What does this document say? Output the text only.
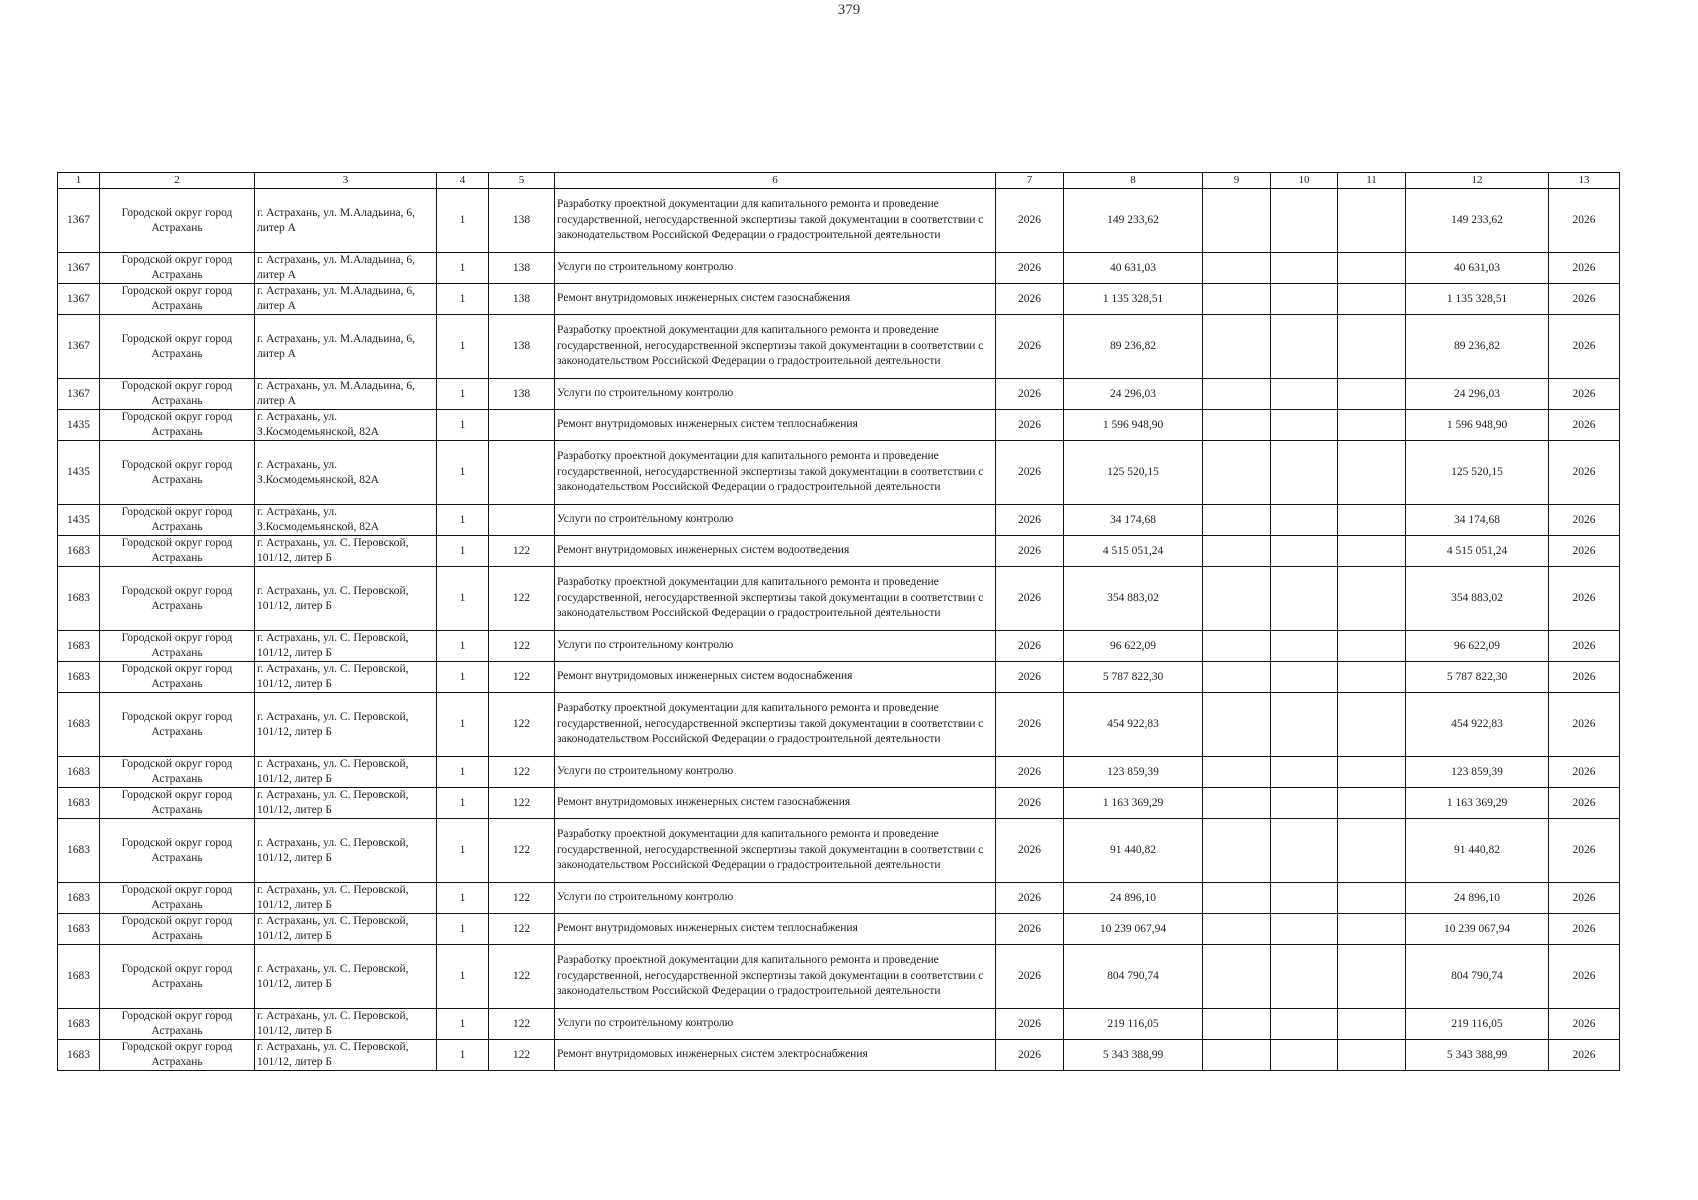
379
1	2	3	4	5	6	7	8	9	10	11	12	13
1367	Городской округ город Астрахань	г. Астрахань, ул. М.Аладьина, 6, литер А	1	138	Разработку проектной документации для капитального ремонта и проведение государственной, негосударственной экспертизы такой документации в соответствии с законодательством Российской Федерации о градостроительной деятельности	2026	149 233,62				149 233,62	2026
1367	Городской округ город Астрахань	г. Астрахань, ул. М.Аладьина, 6, литер А	1	138	Услуги по строительному контролю	2026	40 631,03				40 631,03	2026
1367	Городской округ город Астрахань	г. Астрахань, ул. М.Аладьина, 6, литер А	1	138	Ремонт внутридомовых инженерных систем газоснабжения	2026	1 135 328,51				1 135 328,51	2026
1367	Городской округ город Астрахань	г. Астрахань, ул. М.Аладьина, 6, литер А	1	138	Разработку проектной документации для капитального ремонта и проведение государственной, негосударственной экспертизы такой документации в соответствии с законодательством Российской Федерации о градостроительной деятельности	2026	89 236,82				89 236,82	2026
1367	Городской округ город Астрахань	г. Астрахань, ул. М.Аладьина, 6, литер А	1	138	Услуги по строительному контролю	2026	24 296,03				24 296,03	2026
1435	Городской округ город Астрахань	г. Астрахань, ул. З.Космодемьянской, 82А	1		Ремонт внутридомовых инженерных систем теплоснабжения	2026	1 596 948,90				1 596 948,90	2026
1435	Городской округ город Астрахань	г. Астрахань, ул. З.Космодемьянской, 82А	1		Разработку проектной документации для капитального ремонта и проведение государственной, негосударственной экспертизы такой документации в соответствии с законодательством Российской Федерации о градостроительной деятельности	2026	125 520,15				125 520,15	2026
1435	Городской округ город Астрахань	г. Астрахань, ул. З.Космодемьянской, 82А	1		Услуги по строительному контролю	2026	34 174,68				34 174,68	2026
1683	Городской округ город Астрахань	г. Астрахань, ул. С. Перовской, 101/12, литер Б	1	122	Ремонт внутридомовых инженерных систем водоотведения	2026	4 515 051,24				4 515 051,24	2026
1683	Городской округ город Астрахань	г. Астрахань, ул. С. Перовской, 101/12, литер Б	1	122	Разработку проектной документации для капитального ремонта и проведение государственной, негосударственной экспертизы такой документации в соответствии с законодательством Российской Федерации о градостроительной деятельности	2026	354 883,02				354 883,02	2026
1683	Городской округ город Астрахань	г. Астрахань, ул. С. Перовской, 101/12, литер Б	1	122	Услуги по строительному контролю	2026	96 622,09				96 622,09	2026
1683	Городской округ город Астрахань	г. Астрахань, ул. С. Перовской, 101/12, литер Б	1	122	Ремонт внутридомовых инженерных систем водоснабжения	2026	5 787 822,30				5 787 822,30	2026
1683	Городской округ город Астрахань	г. Астрахань, ул. С. Перовской, 101/12, литер Б	1	122	Разработку проектной документации для капитального ремонта и проведение государственной, негосударственной экспертизы такой документации в соответствии с законодательством Российской Федерации о градостроительной деятельности	2026	454 922,83				454 922,83	2026
1683	Городской округ город Астрахань	г. Астрахань, ул. С. Перовской, 101/12, литер Б	1	122	Услуги по строительному контролю	2026	123 859,39				123 859,39	2026
1683	Городской округ город Астрахань	г. Астрахань, ул. С. Перовской, 101/12, литер Б	1	122	Ремонт внутридомовых инженерных систем газоснабжения	2026	1 163 369,29				1 163 369,29	2026
1683	Городской округ город Астрахань	г. Астрахань, ул. С. Перовской, 101/12, литер Б	1	122	Разработку проектной документации для капитального ремонта и проведение государственной, негосударственной экспертизы такой документации в соответствии с законодательством Российской Федерации о градостроительной деятельности	2026	91 440,82				91 440,82	2026
1683	Городской округ город Астрахань	г. Астрахань, ул. С. Перовской, 101/12, литер Б	1	122	Услуги по строительному контролю	2026	24 896,10				24 896,10	2026
1683	Городской округ город Астрахань	г. Астрахань, ул. С. Перовской, 101/12, литер Б	1	122	Ремонт внутридомовых инженерных систем теплоснабжения	2026	10 239 067,94				10 239 067,94	2026
1683	Городской округ город Астрахань	г. Астрахань, ул. С. Перовской, 101/12, литер Б	1	122	Разработку проектной документации для капитального ремонта и проведение государственной, негосударственной экспертизы такой документации в соответствии с законодательством Российской Федерации о градостроительной деятельности	2026	804 790,74				804 790,74	2026
1683	Городской округ город Астрахань	г. Астрахань, ул. С. Перовской, 101/12, литер Б	1	122	Услуги по строительному контролю	2026	219 116,05				219 116,05	2026
1683	Городской округ город Астрахань	г. Астрахань, ул. С. Перовской, 101/12, литер Б	1	122	Ремонт внутридомовых инженерных систем электроснабжения	2026	5 343 388,99				5 343 388,99	2026
